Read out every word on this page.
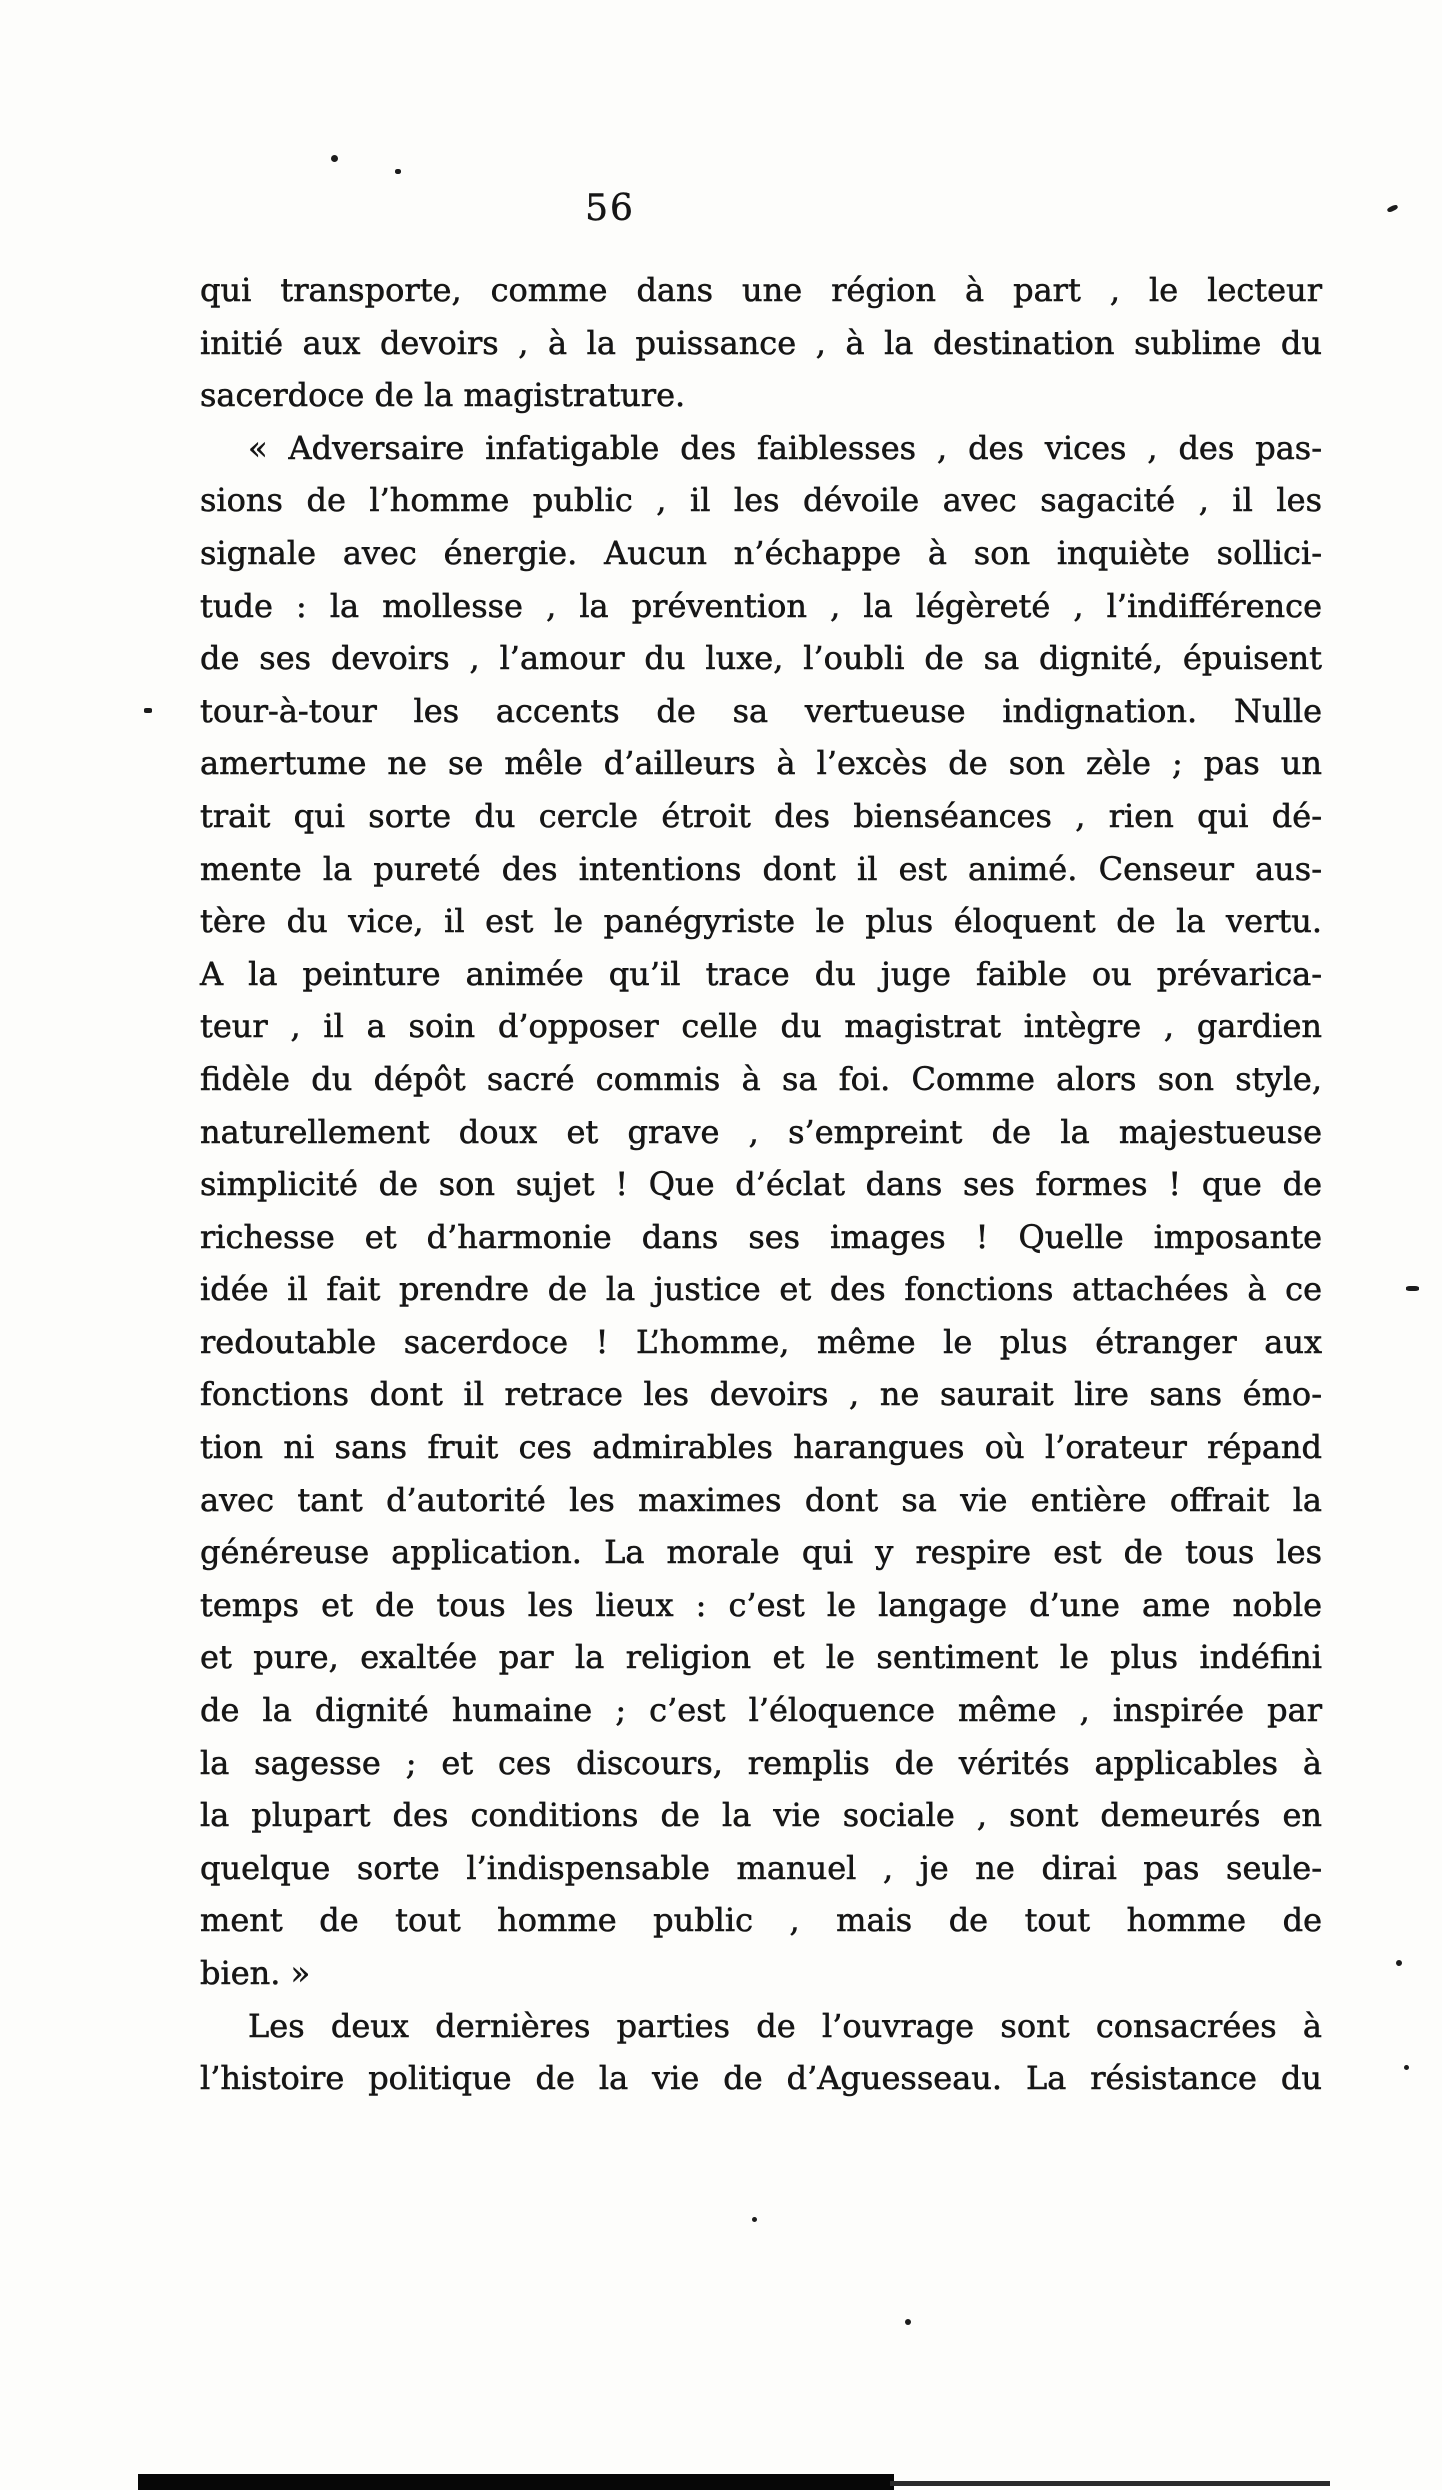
56
qui transporte, comme dans une région à part , le lecteur
initié aux devoirs , à la puissance , à la destination sublime du
sacerdoce de la magistrature.
« Adversaire infatigable des faiblesses , des vices , des pas-
sions de l’homme public , il les dévoile avec sagacité , il les
signale avec énergie. Aucun n’échappe à son inquiète sollici-
tude : la mollesse , la prévention , la légèreté , l’indifférence
de ses devoirs , l’amour du luxe, l’oubli de sa dignité, épuisent
tour-à-tour les accents de sa vertueuse indignation. Nulle
amertume ne se mêle d’ailleurs à l’excès de son zèle ; pas un
trait qui sorte du cercle étroit des bienséances , rien qui dé-
mente la pureté des intentions dont il est animé. Censeur aus-
tère du vice, il est le panégyriste le plus éloquent de la vertu.
A la peinture animée qu’il trace du juge faible ou prévarica-
teur , il a soin d’opposer celle du magistrat intègre , gardien
fidèle du dépôt sacré commis à sa foi. Comme alors son style,
naturellement doux et grave , s’empreint de la majestueuse
simplicité de son sujet ! Que d’éclat dans ses formes ! que de
richesse et d’harmonie dans ses images ! Quelle imposante
idée il fait prendre de la justice et des fonctions attachées à ce
redoutable sacerdoce ! L’homme, même le plus étranger aux
fonctions dont il retrace les devoirs , ne saurait lire sans émo-
tion ni sans fruit ces admirables harangues où l’orateur répand
avec tant d’autorité les maximes dont sa vie entière offrait la
généreuse application. La morale qui y respire est de tous les
temps et de tous les lieux : c’est le langage d’une ame noble
et pure, exaltée par la religion et le sentiment le plus indéfini
de la dignité humaine ; c’est l’éloquence même , inspirée par
la sagesse ; et ces discours, remplis de vérités applicables à
la plupart des conditions de la vie sociale , sont demeurés en
quelque sorte l’indispensable manuel , je ne dirai pas seule-
ment de tout homme public , mais de tout homme de
bien. »
Les deux dernières parties de l’ouvrage sont consacrées à
l’histoire politique de la vie de d’Aguesseau. La résistance du
